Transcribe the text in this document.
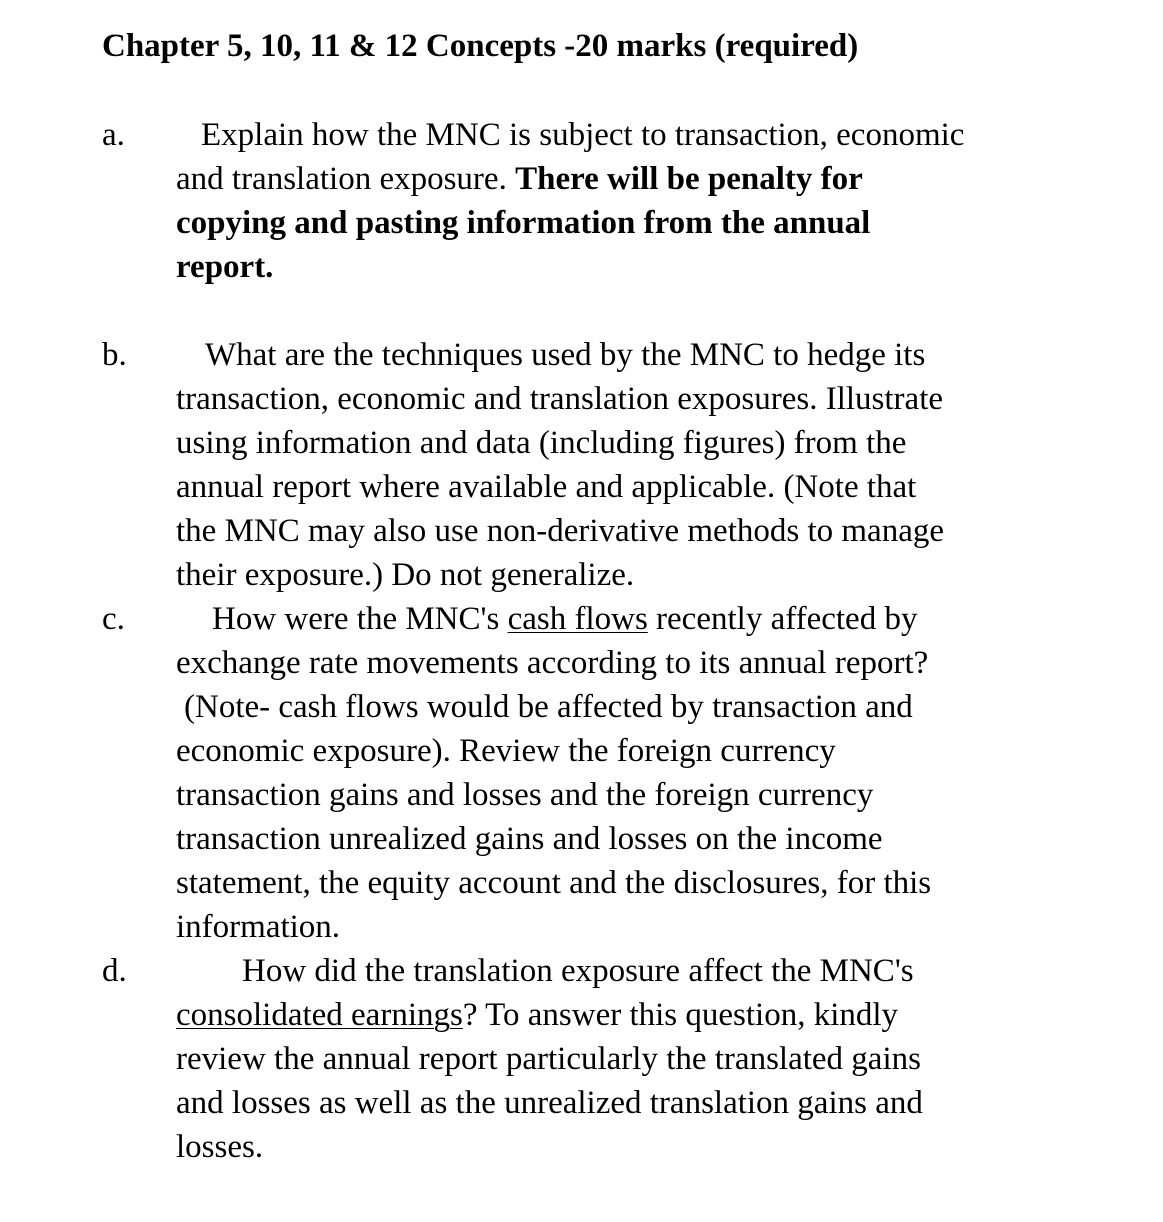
Chapter 5, 10, 11 & 12 Concepts -20 marks (required)
a.	Explain how the MNC is subject to transaction, economic
and translation exposure. There will be penalty for
copying and pasting information from the annual
report.
b.	What are the techniques used by the MNC to hedge its
transaction, economic and translation exposures. Illustrate
using information and data (including figures) from the
annual report where available and applicable. (Note that
the MNC may also use non-derivative methods to manage
their exposure.) Do not generalize.
c.	How were the MNC's cash flows recently affected by
exchange rate movements according to its annual report?
(Note- cash flows would be affected by transaction and
economic exposure). Review the foreign currency
transaction gains and losses and the foreign currency
transaction unrealized gains and losses on the income
statement, the equity account and the disclosures, for this
information.
d.	How did the translation exposure affect the MNC's
consolidated earnings? To answer this question, kindly
review the annual report particularly the translated gains
and losses as well as the unrealized translation gains and
losses.
